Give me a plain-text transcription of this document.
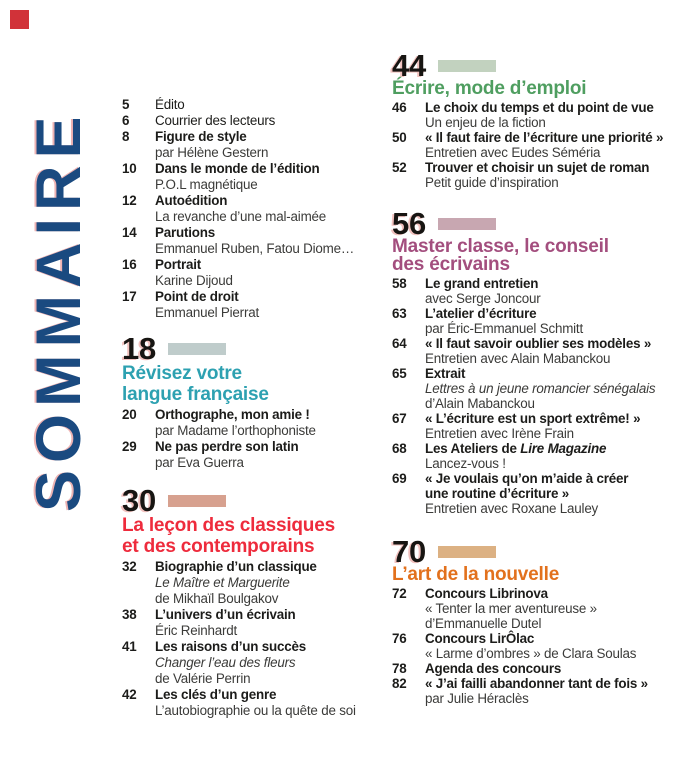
SOMMAIRE
5	Édito
6	Courrier des lecteurs
8	Figure de style
par Hélène Gestern
10	Dans le monde de l’édition
P.O.L magnétique
12	Autoédition
La revanche d’une mal-aimée
14	Parutions
Emmanuel Ruben, Fatou Diome…
16	Portrait
Karine Dijoud
17	Point de droit
Emmanuel Pierrat
18
Révisez votre
langue française
20	Orthographe, mon amie !
par Madame l’orthophoniste
29	Ne pas perdre son latin
par Eva Guerra
30
La leçon des classiques
et des contemporains
32	Biographie d’un classique
Le Maître et Marguerite
de Mikhaïl Boulgakov
38	L’univers d’un écrivain
Éric Reinhardt
41	Les raisons d’un succès
Changer l’eau des fleurs
de Valérie Perrin
42	Les clés d’un genre
L’autobiographie ou la quête de soi
44
Écrire, mode d’emploi
46	Le choix du temps et du point de vue
Un enjeu de la fiction
50	« Il faut faire de l’écriture une priorité »
Entretien avec Eudes Séméria
52	Trouver et choisir un sujet de roman
Petit guide d’inspiration
56
Master classe, le conseil
des écrivains
58	Le grand entretien
avec Serge Joncour
63	L’atelier d’écriture
par Éric-Emmanuel Schmitt
64	« Il faut savoir oublier ses modèles »
Entretien avec Alain Mabanckou
65	Extrait
Lettres à un jeune romancier sénégalais
d’Alain Mabanckou
67	« L’écriture est un sport extrême! »
Entretien avec Irène Frain
68	Les Ateliers de Lire Magazine
Lancez-vous !
69	« Je voulais qu’on m’aide à créer
une routine d’écriture »
Entretien avec Roxane Lauley
70
L’art de la nouvelle
72	Concours Librinova
« Tenter la mer aventureuse »
d’Emmanuelle Dutel
76	Concours LirÔlac
« Larme d’ombres » de Clara Soulas
78	Agenda des concours
82	« J’ai failli abandonner tant de fois »
par Julie Héraclès
